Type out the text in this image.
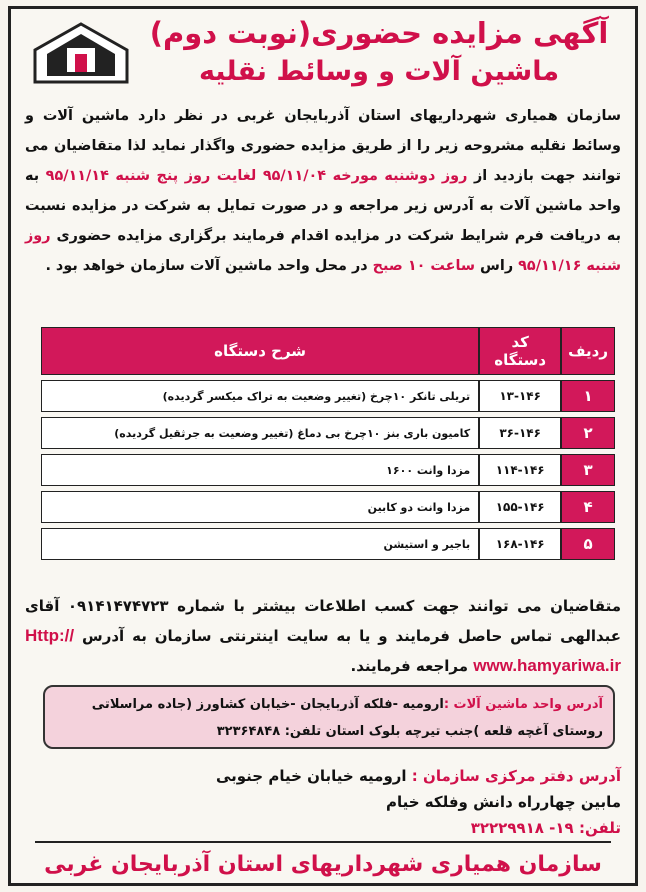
آگهی مزایده حضوری(نوبت دوم)
ماشین آلات و وسائط نقلیه
سازمان همیاری شهرداریهای استان آذربایجان غربی در نظر دارد ماشین آلات و وسائط نقلیه مشروحه زیر را از طریق مزایده حضوری واگذار نماید لذا متقاضیان می توانند جهت بازدید از روز دوشنبه مورخه ۹۵/۱۱/۰۴ لغایت روز پنج شنبه ۹۵/۱۱/۱۴ به واحد ماشین آلات به آدرس زیر مراجعه و در صورت تمایل به شرکت در مزایده نسبت به دریافت فرم شرایط شرکت در مزایده اقدام فرمایند برگزاری مزایده حضوری روز شنبه ۹۵/۱۱/۱۶ راس ساعت ۱۰ صبح در محل واحد ماشین آلات سازمان خواهد بود .
ردیف	کد دستگاه	شرح دستگاه
۱	۱۳-۱۴۶	تریلی تانکر ۱۰چرخ (تغییر وضعیت به تراک میکسر گردیده)
۲	۳۶-۱۴۶	کامیون باری بنز ۱۰چرخ بی دماغ (تغییر وضعیت به جرثقیل گردیده)
۳	۱۱۴-۱۴۶	مزدا وانت ۱۶۰۰
۴	۱۵۵-۱۴۶	مزدا وانت دو کابین
۵	۱۶۸-۱۴۶	باجیر و استیشن
متقاضیان می توانند جهت کسب اطلاعات بیشتر با شماره ۰۹۱۴۱۴۷۴۷۲۳ آقای عبدالهی تماس حاصل فرمایند و یا به سایت اینترنتی سازمان به آدرس Http:// www.hamyariwa.ir مراجعه فرمایند.
آدرس واحد ماشین آلات :ارومیه -فلکه آذربایجان -خیابان کشاورز (جاده مراسلاتی روستای آغچه قلعه )جنب تیرچه بلوک استان تلفن: ۳۲۳۶۴۸۴۸
آدرس دفتر مرکزی سازمان : ارومیه خیابان خیام جنوبی
مابین چهارراه دانش وفلکه خیام
تلفن: ۱۹- ۳۲۲۲۹۹۱۸
سازمان همیاری شهرداریهای استان آذربایجان غربی
